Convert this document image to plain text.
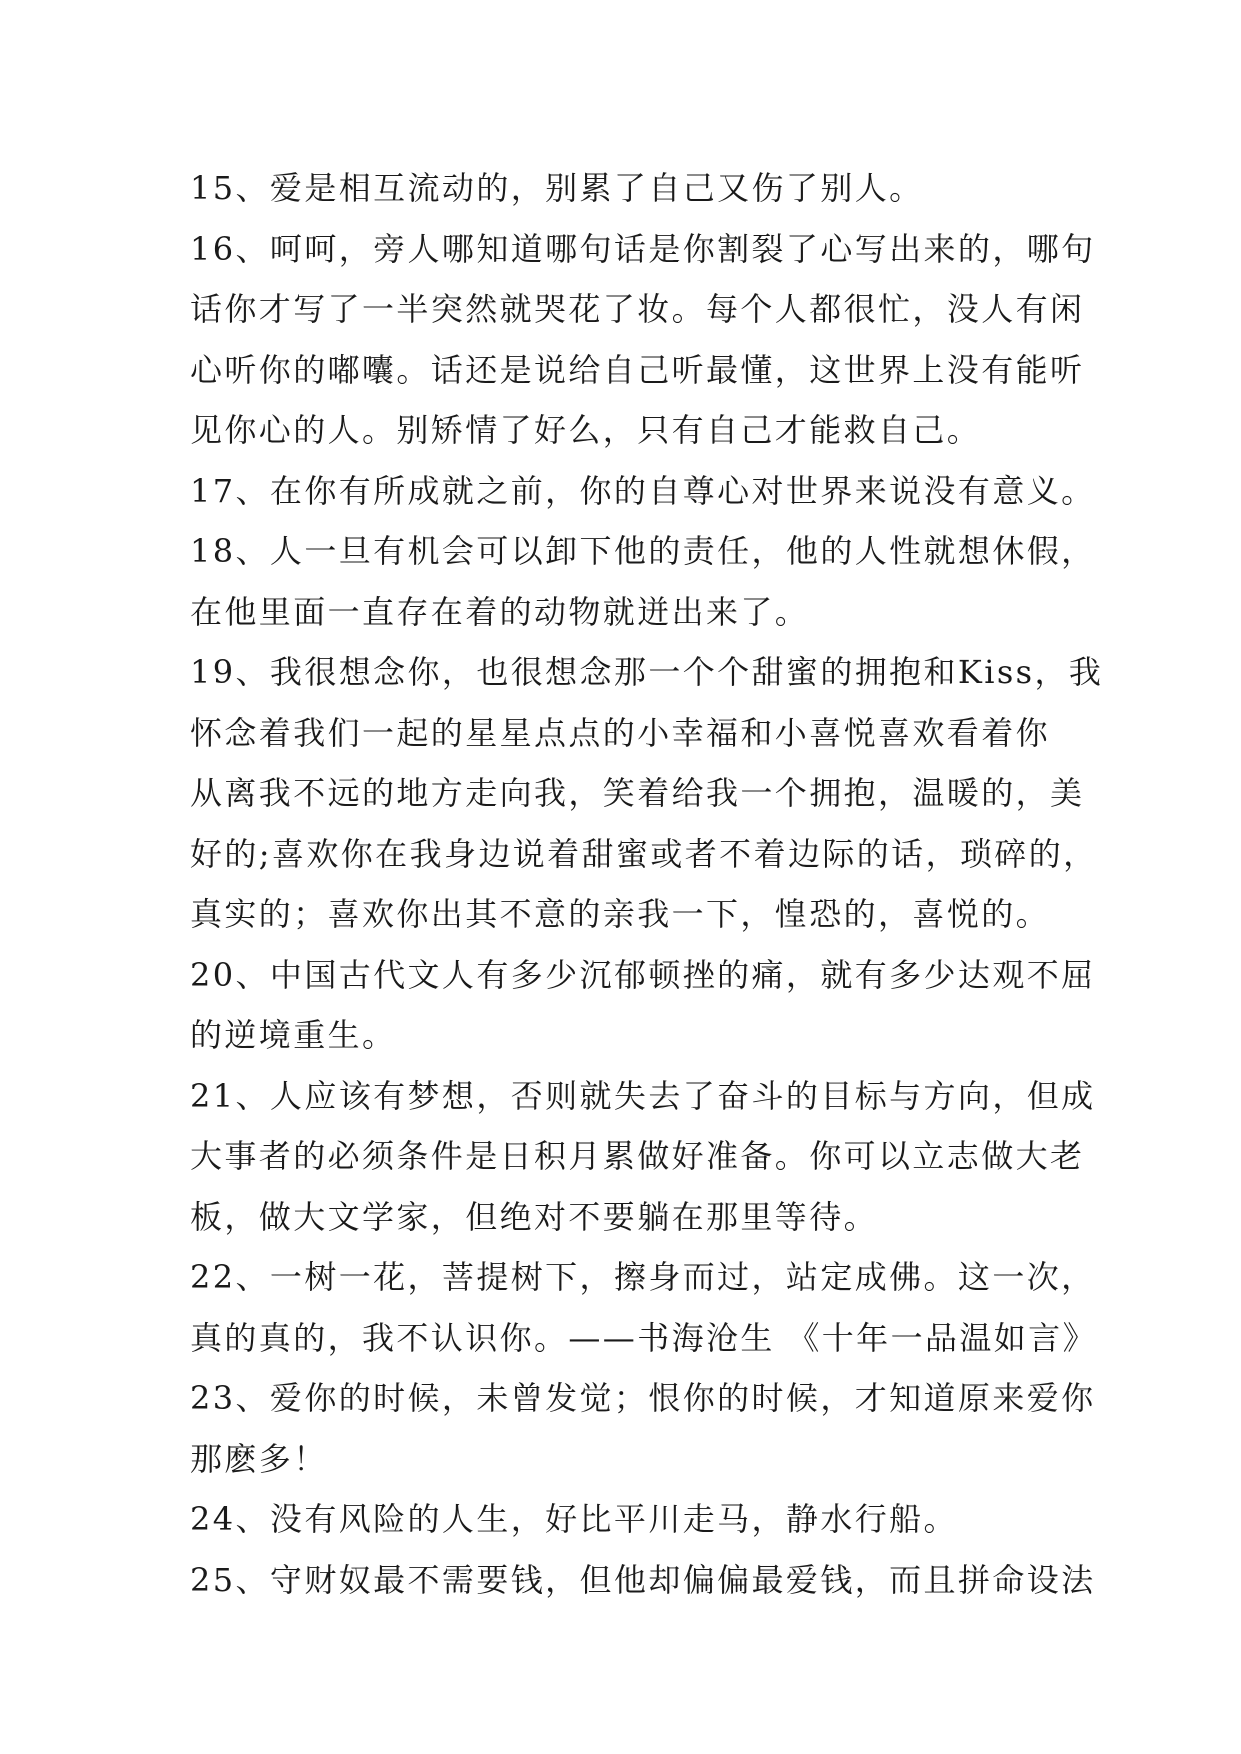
15、爱是相互流动的，别累了自己又伤了别人。
16、呵呵，旁人哪知道哪句话是你割裂了心写出来的，哪句
话你才写了一半突然就哭花了妆。每个人都很忙，没人有闲
心听你的嘟囔。话还是说给自己听最懂，这世界上没有能听
见你心的人。别矫情了好么，只有自己才能救自己。
17、在你有所成就之前，你的自尊心对世界来说没有意义。
18、人一旦有机会可以卸下他的责任，他的人性就想休假，
在他里面一直存在着的动物就迸出来了。
19、我很想念你，也很想念那一个个甜蜜的拥抱和Kiss，我
怀念着我们一起的星星点点的小幸福和小喜悦喜欢看着你
从离我不远的地方走向我，笑着给我一个拥抱，温暖的，美
好的;喜欢你在我身边说着甜蜜或者不着边际的话，琐碎的，
真实的；喜欢你出其不意的亲我一下，惶恐的，喜悦的。
20、中国古代文人有多少沉郁顿挫的痛，就有多少达观不屈
的逆境重生。
21、人应该有梦想，否则就失去了奋斗的目标与方向，但成
大事者的必须条件是日积月累做好准备。你可以立志做大老
板，做大文学家，但绝对不要躺在那里等待。
22、一树一花，菩提树下，擦身而过，站定成佛。这一次，
真的真的，我不认识你。——书海沧生 《十年一品温如言》
23、爱你的时候，未曾发觉；恨你的时候，才知道原来爱你
那麽多！
24、没有风险的人生，好比平川走马，静水行船。
25、守财奴最不需要钱，但他却偏偏最爱钱，而且拼命设法
